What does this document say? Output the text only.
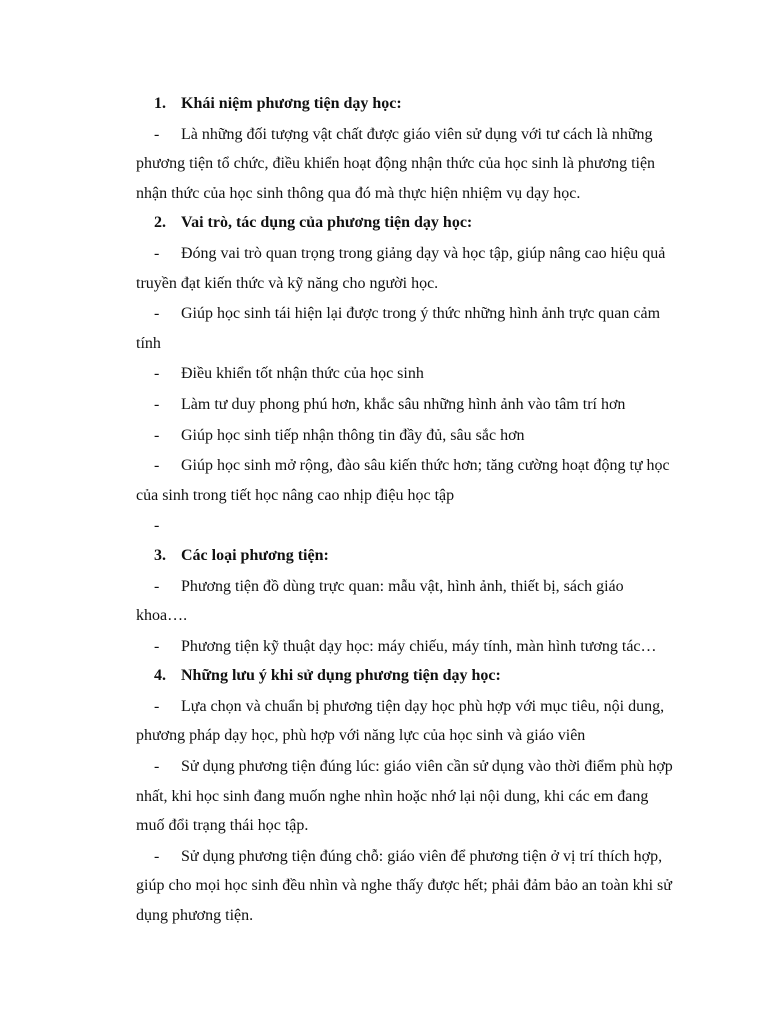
1. Khái niệm phương tiện dạy học:
- Là những đối tượng vật chất được giáo viên sử dụng với tư cách là những phương tiện tổ chức, điều khiển hoạt động nhận thức của học sinh là phương tiện nhận thức của học sinh thông qua đó mà thực hiện nhiệm vụ dạy học.
2. Vai trò, tác dụng của phương tiện dạy học:
- Đóng vai trò quan trọng trong giảng dạy và học tập, giúp nâng cao hiệu quả truyền đạt kiến thức và kỹ năng cho người học.
- Giúp học sinh tái hiện lại được trong ý thức những hình ảnh trực quan cảm tính
- Điều khiển tốt nhận thức của học sinh
- Làm tư duy phong phú hơn, khắc sâu những hình ảnh vào tâm trí hơn
- Giúp học sinh tiếp nhận thông tin đầy đủ, sâu sắc hơn
- Giúp học sinh mở rộng, đào sâu kiến thức hơn; tăng cường hoạt động tự học của sinh trong tiết học nâng cao nhịp điệu học tập
-
3. Các loại phương tiện:
- Phương tiện đồ dùng trực quan: mẫu vật, hình ảnh, thiết bị, sách giáo khoa….
- Phương tiện kỹ thuật dạy học: máy chiếu, máy tính, màn hình tương tác…
4. Những lưu ý khi sử dụng phương tiện dạy học:
- Lựa chọn và chuẩn bị phương tiện dạy học phù hợp với mục tiêu, nội dung, phương pháp dạy học, phù hợp với năng lực của học sinh và giáo viên
- Sử dụng phương tiện đúng lúc: giáo viên cần sử dụng vào thời điểm phù hợp nhất, khi học sinh đang muốn nghe nhìn hoặc nhớ lại nội dung, khi các em đang muố đổi trạng thái học tập.
- Sử dụng phương tiện đúng chỗ: giáo viên để phương tiện ở vị trí thích hợp, giúp cho mọi học sinh đều nhìn và nghe thấy được hết; phải đảm bảo an toàn khi sử dụng phương tiện.
